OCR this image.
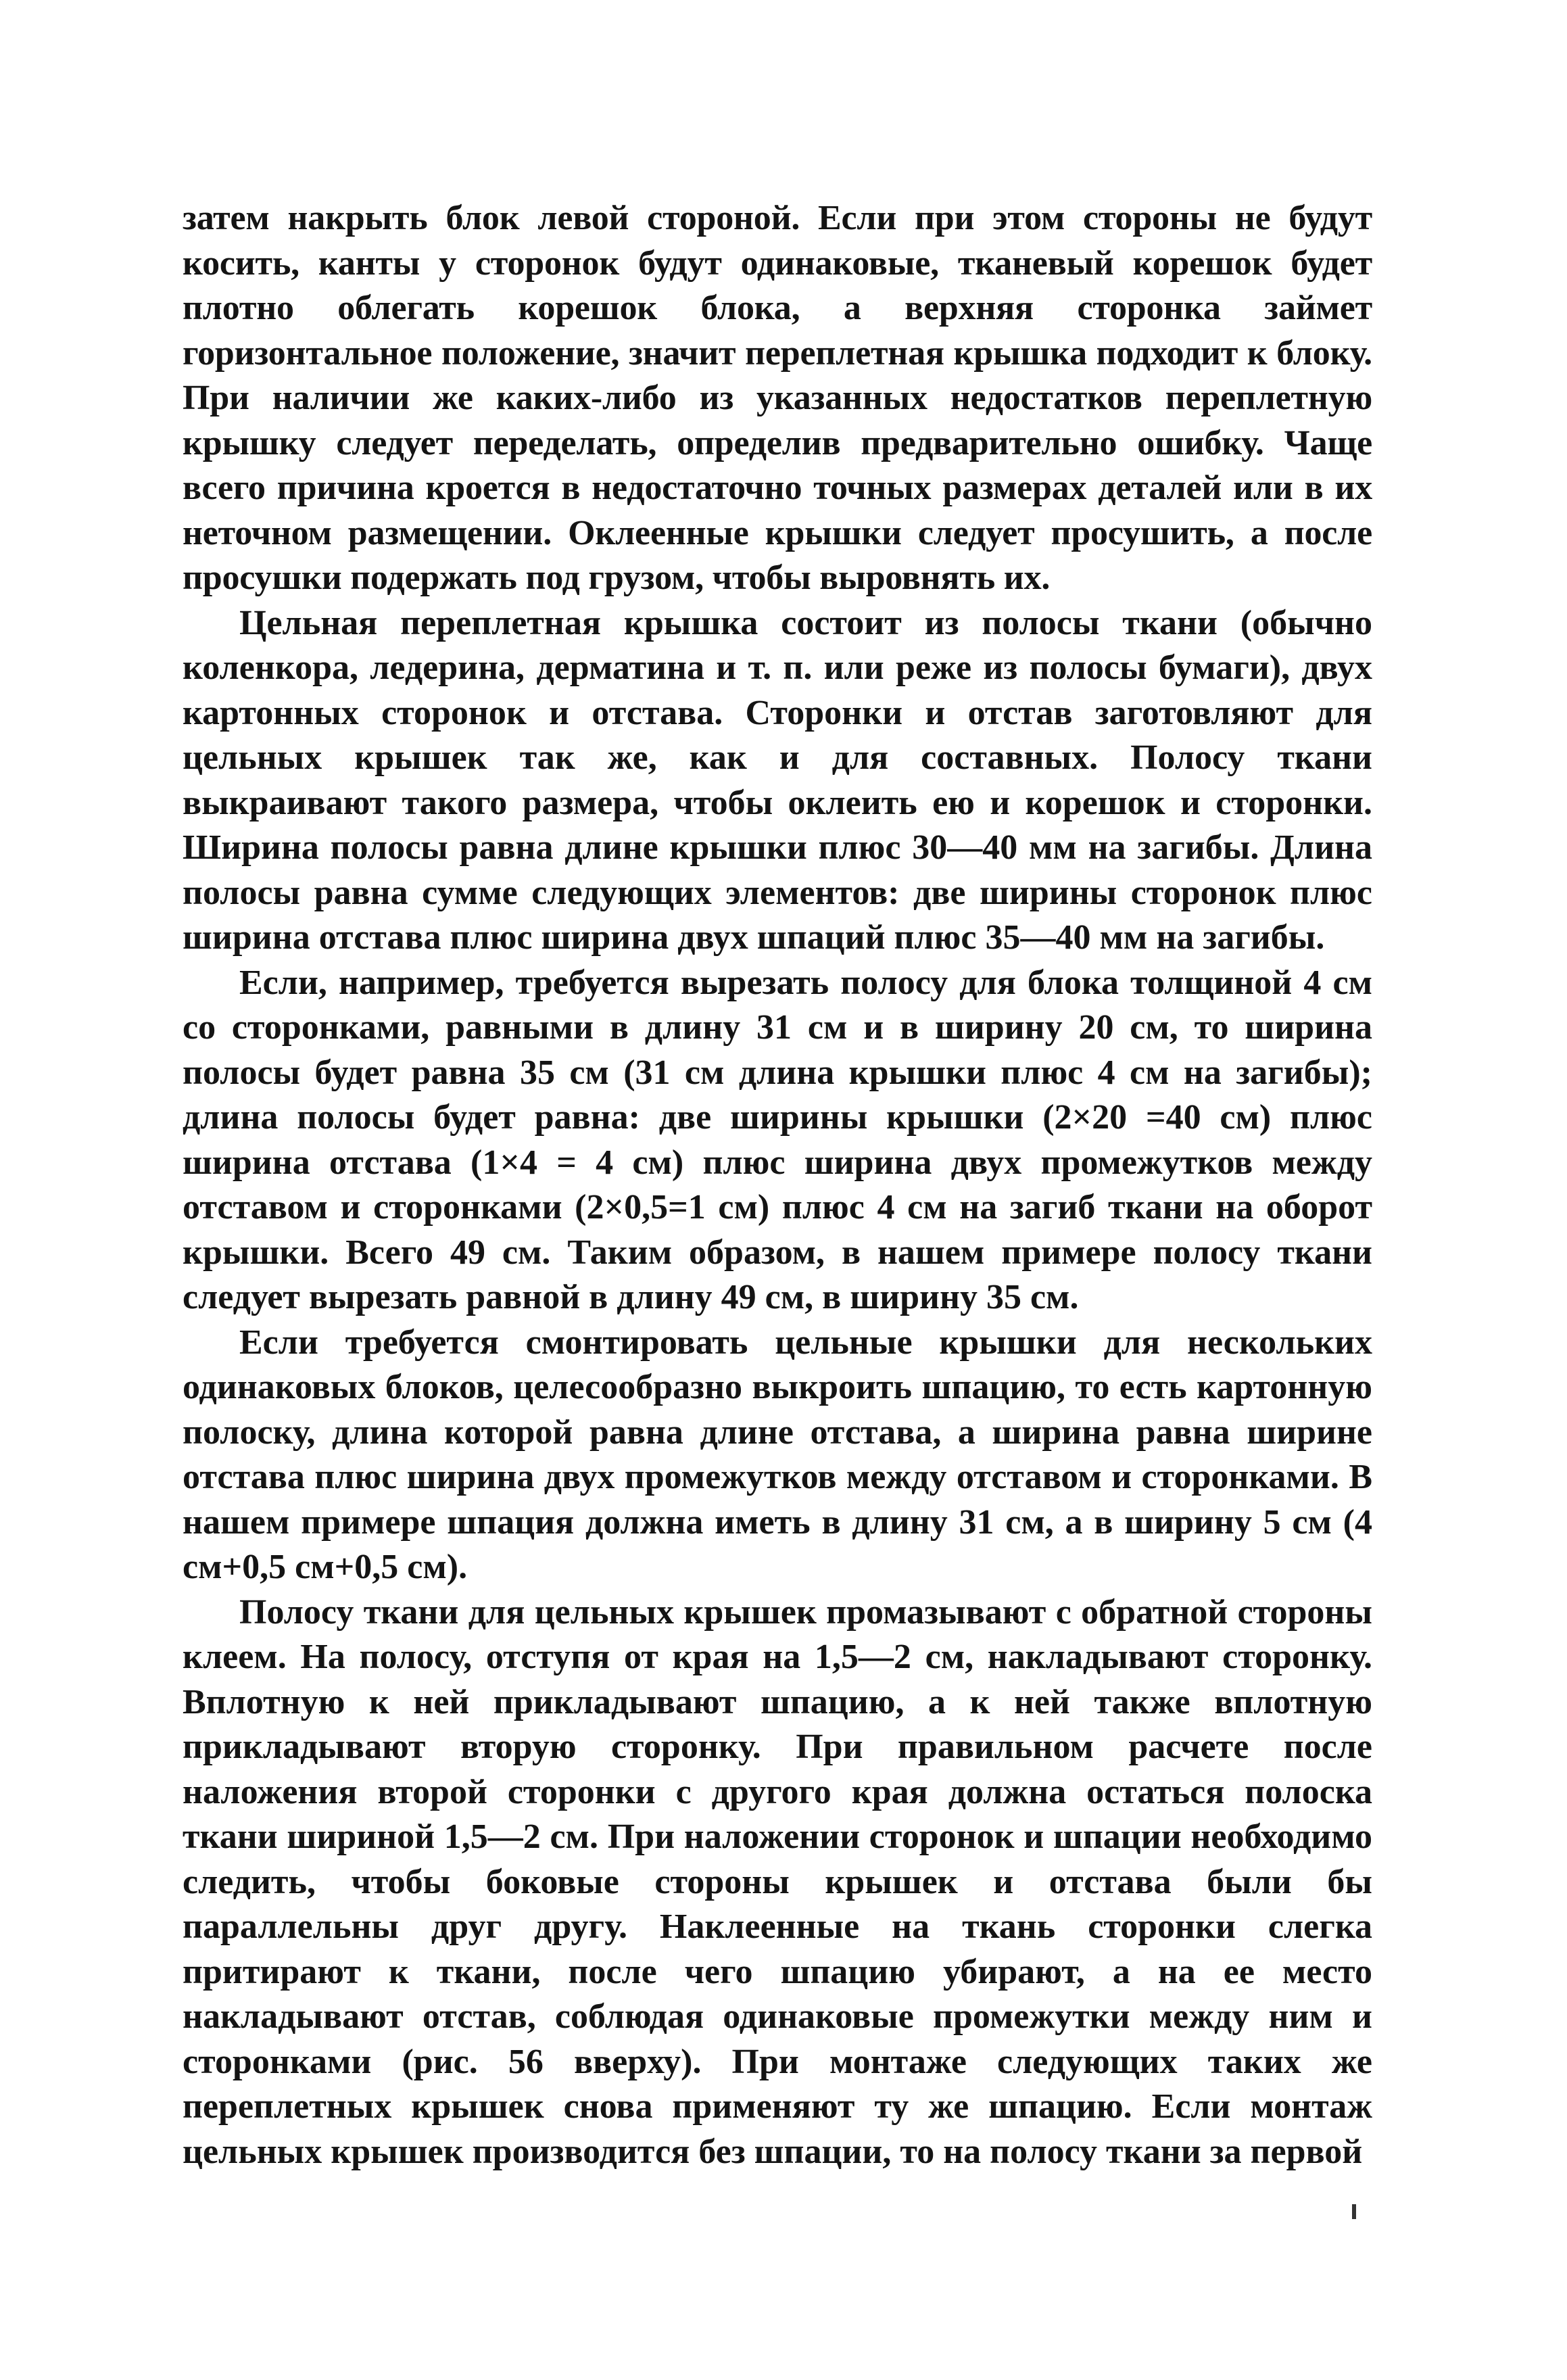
затем накрыть блок левой стороной. Если при этом стороны не будут косить, канты у сторонок будут одинаковые, тканевый корешок будет плотно облегать корешок блока, а верхняя сторонка займет горизонтальное положение, значит переплетная крышка подходит к блоку. При наличии же каких-либо из указанных недостатков переплетную крышку следует переделать, определив предварительно ошибку. Чаще всего причина кроется в недостаточно точных размерах деталей или в их неточном размещении. Оклеенные крышки следует просушить, а после просушки подержать под грузом, чтобы выровнять их.

Цельная переплетная крышка состоит из полосы ткани (обычно коленкора, ледерина, дерматина и т. п. или реже из полосы бумаги), двух картонных сторонок и отстава. Сторонки и отстав заготовляют для цельных крышек так же, как и для составных. Полосу ткани выкраивают такого размера, чтобы оклеить ею и корешок и сторонки. Ширина полосы равна длине крышки плюс 30—40 мм на загибы. Длина полосы равна сумме следующих элементов: две ширины сторонок плюс ширина отстава плюс ширина двух шпаций плюс 35—40 мм на загибы.

Если, например, требуется вырезать полосу для блока толщиной 4 см со сторонками, равными в длину 31 см и в ширину 20 см, то ширина полосы будет равна 35 см (31 см длина крышки плюс 4 см на загибы); длина полосы будет равна: две ширины крышки (2×20 =40 см) плюс ширина отстава (1×4 = 4 см) плюс ширина двух промежутков между отставом и сторонками (2×0,5=1 см) плюс 4 см на загиб ткани на оборот крышки. Всего 49 см. Таким образом, в нашем примере полосу ткани следует вырезать равной в длину 49 см, в ширину 35 см.

Если требуется смонтировать цельные крышки для нескольких одинаковых блоков, целесообразно выкроить шпацию, то есть картонную полоску, длина которой равна длине отстава, а ширина равна ширине отстава плюс ширина двух промежутков между отставом и сторонками. В нашем примере шпация должна иметь в длину 31 см, а в ширину 5 см (4 см+0,5 см+0,5 см).

Полосу ткани для цельных крышек промазывают с обратной стороны клеем. На полосу, отступя от края на 1,5—2 см, накладывают сторонку. Вплотную к ней прикладывают шпацию, а к ней также вплотную прикладывают вторую сторонку. При правильном расчете после наложения второй сторонки с другого края должна остаться полоска ткани шириной 1,5—2 см. При наложении сторонок и шпации необходимо следить, чтобы боковые стороны крышек и отстава были бы параллельны друг другу. Наклеенные на ткань сторонки слегка притирают к ткани, после чего шпацию убирают, а на ее место накладывают отстав, соблюдая одинаковые промежутки между ним и сторонками (рис. 56 вверху). При монтаже следующих таких же переплетных крышек снова применяют ту же шпацию. Если монтаж цельных крышек производится без шпации, то на полосу ткани за первой
